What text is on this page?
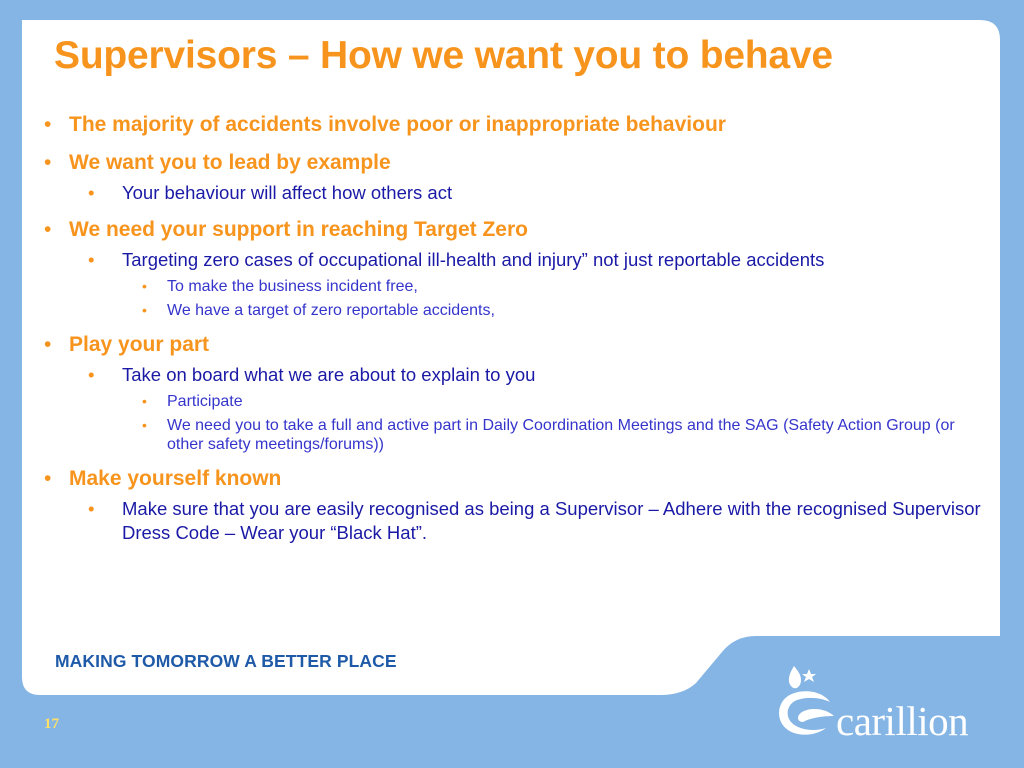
Supervisors – How we want you to behave
• The majority of accidents involve poor or inappropriate behaviour
• We want you to lead by example
• Your behaviour will affect how others act
• We need your support in reaching Target Zero
• Targeting zero cases of occupational ill-health and injury” not just reportable accidents
• To make the business incident free,
• We have a target of zero reportable accidents,
• Play your part
• Take on board what we are about to explain to you
• Participate
• We need you to take a full and active part in Daily Coordination Meetings and the SAG (Safety Action Group (or other safety meetings/forums))
• Make yourself known
• Make sure that you are easily recognised as being a Supervisor – Adhere with the recognised Supervisor Dress Code – Wear your “Black Hat”.

MAKING TOMORROW A BETTER PLACE

17	carillion
